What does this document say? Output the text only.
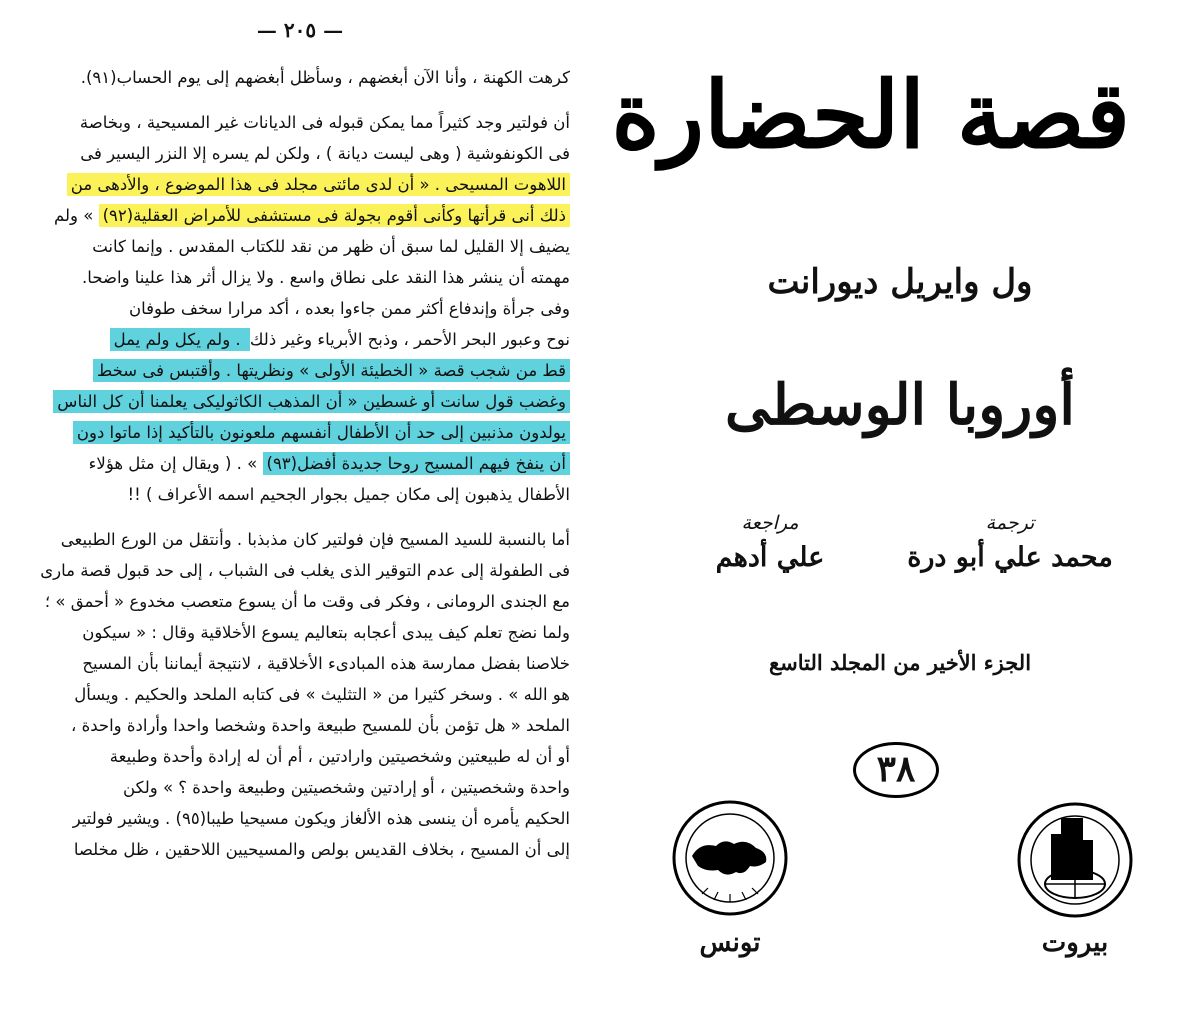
— ٢٠٥ —
كرهت الكهنة ، وأنا الآن أبغضهم ، وسأظل أبغضهم إلى يوم الحساب(٩١).
أن فولتير وجد كثيراً مما يمكن قبوله فى الديانات غير المسيحية ، وبخاصة
فى الكونفوشية ( وهى ليست ديانة ) ، ولكن لم يسره إلا النزر اليسير فى
اللاهوت المسيحى . « أن لدى مائتى مجلد فى هذا الموضوع ، والأدهى من
ذلك أنى قرأتها وكأنى أقوم بجولة فى مستشفى للأمراض العقلية(٩٢) » ولم
يضيف إلا القليل لما سبق أن ظهر من نقد للكتاب المقدس . وإنما كانت
مهمته أن ينشر هذا النقد على نطاق واسع . ولا يزال أثر هذا علينا واضحا.
وفى جرأة وإندفاع أكثر ممن جاءوا بعده ، أكد مرارا سخف طوفان
نوح وعبور البحر الأحمر ، وذبح الأبرياء وغير ذلك . ولم يكل ولم يمل
قط من شجب قصة « الخطيئة الأولى » ونظريتها . وأقتبس فى سخط
وغضب قول سانت أو غسطين « أن المذهب الكاثوليكى يعلمنا أن كل الناس
يولدون مذنبين إلى حد أن الأطفال أنفسهم ملعونون بالتأكيد إذا ماتوا دون
أن ينفخ فيهم المسيح روحا جديدة أفضل(٩٣) » . ( ويقال إن مثل هؤلاء
الأطفال يذهبون إلى مكان جميل بجوار الجحيم اسمه الأعراف ) !!
أما بالنسبة للسيد المسيح فإن فولتير كان مذبذبا . وأنتقل من الورع الطبيعى
فى الطفولة إلى عدم التوقير الذى يغلب فى الشباب ، إلى حد قبول قصة مارى
مع الجندى الرومانى ، وفكر فى وقت ما أن يسوع متعصب مخدوع « أحمق » ؛
ولما نضج تعلم كيف يبدى أعجابه بتعاليم يسوع الأخلاقية وقال : « سيكون
خلاصنا بفضل ممارسة هذه المبادىء الأخلاقية ، لانتيجة أيماننا بأن المسيح
هو الله » . وسخر كثيرا من « التثليث » فى كتابه الملحد والحكيم . ويسأل
الملحد « هل تؤمن بأن للمسيح طبيعة واحدة وشخصا واحدا وأرادة واحدة ،
أو أن له طبيعتين وشخصيتين وارادتين ، أم أن له إرادة وأحدة وطبيعة
واحدة وشخصيتين ، أو إرادتين وشخصيتين وطبيعة واحدة ؟ » ولكن
الحكيم يأمره أن ينسى هذه الألغاز ويكون مسيحيا طيبا(٩٥) . ويشير فولتير
إلى أن المسيح ، بخلاف القديس بولص والمسيحيين اللاحقين ، ظل مخلصا
قصة الحضارة
ول وايريل ديورانت
أوروبا الوسطى
ترجمة
محمد علي أبو درة
مراجعة
علي أدهم
الجزء الأخير من المجلد التاسع
٣٨
بيروت
تونس
